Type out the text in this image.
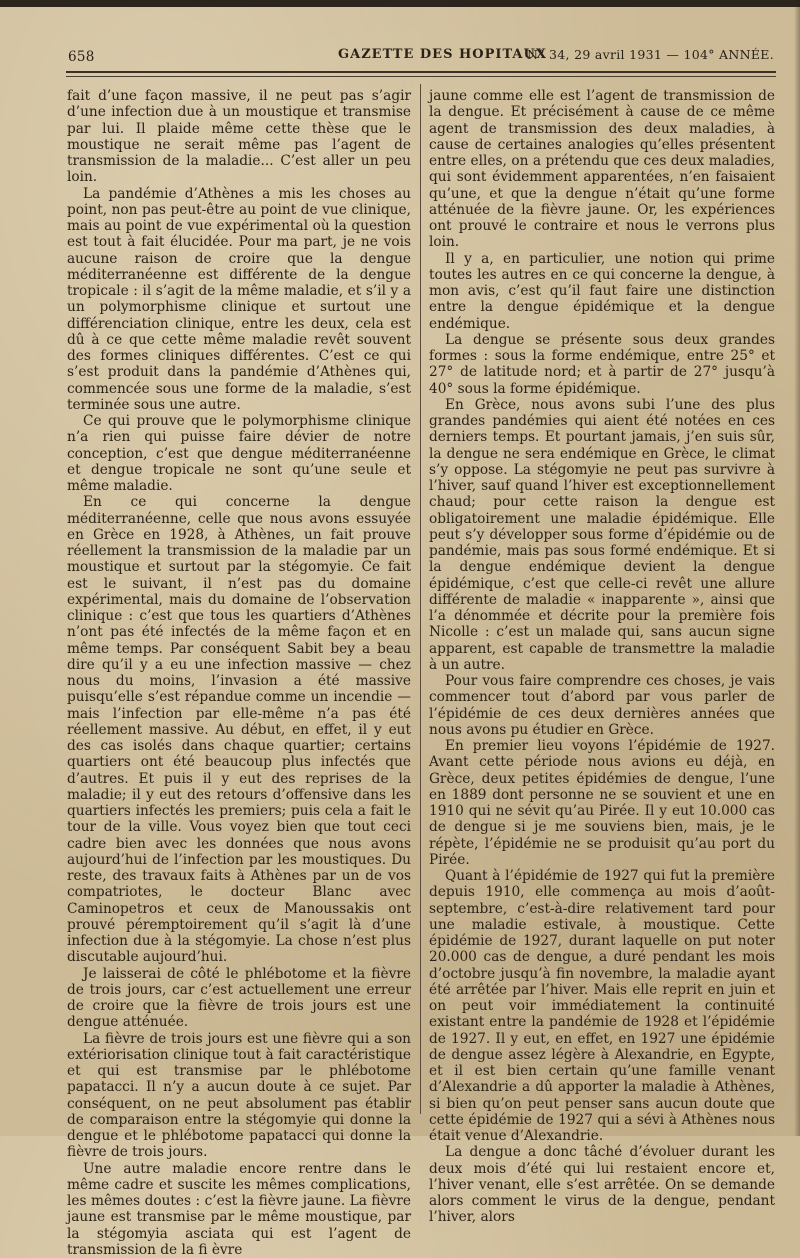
658	GAZETTE DES HOPITAUX
N° 34, 29 avril 1931 — 104° ANNÉE.

fait d’une façon massive, il ne peut pas s’agir d’une infection due à un moustique et transmise par lui. Il plaide même cette thèse que le moustique ne serait même pas l’agent de transmission de la maladie... C’est aller un peu loin.

La pandémie d’Athènes a mis les choses au point, non pas peut-être au point de vue clinique, mais au point de vue expérimental où la question est tout à fait élucidée. Pour ma part, je ne vois aucune raison de croire que la dengue méditerranéenne est différente de la dengue tropicale : il s’agit de la même maladie, et s’il y a un polymorphisme clinique et surtout une différenciation clinique, entre les deux, cela est dû à ce que cette même maladie revêt souvent des formes cliniques différentes. C’est ce qui s’est produit dans la pandémie d’Athènes qui, commencée sous une forme de la maladie, s’est terminée sous une autre.

Ce qui prouve que le polymorphisme clinique n’a rien qui puisse faire dévier de notre conception, c’est que dengue méditerranéenne et dengue tropicale ne sont qu’une seule et même maladie.

En ce qui concerne la dengue méditerranéenne, celle que nous avons essuyée en Grèce en 1928, à Athènes, un fait prouve réellement la transmission de la maladie par un moustique et surtout par la stégomyie. Ce fait est le suivant, il n’est pas du domaine expérimental, mais du domaine de l’observation clinique : c’est que tous les quartiers d’Athènes n’ont pas été infectés de la même façon et en même temps. Par conséquent Sabit bey a beau dire qu’il y a eu une infection massive — chez nous du moins, l’invasion a été massive puisqu’elle s’est répandue comme un incendie — mais l’infection par elle-même n’a pas été réellement massive. Au début, en effet, il y eut des cas isolés dans chaque quartier; certains quartiers ont été beaucoup plus infectés que d’autres. Et puis il y eut des reprises de la maladie; il y eut des retours d’offensive dans les quartiers infectés les premiers; puis cela a fait le tour de la ville. Vous voyez bien que tout ceci cadre bien avec les données que nous avons aujourd’hui de l’infection par les moustiques. Du reste, des travaux faits à Athènes par un de vos compatriotes, le docteur Blanc avec Caminopetros et ceux de Manoussakis ont prouvé péremptoirement qu’il s’agit là d’une infection due à la stégomyie. La chose n’est plus discutable aujourd’hui.

Je laisserai de côté le phlébotome et la fièvre de trois jours, car c’est actuellement une erreur de croire que la fièvre de trois jours est une dengue atténuée.

La fièvre de trois jours est une fièvre qui a son extériorisation clinique tout à fait caractéristique et qui est transmise par le phlébotome papatacci. Il n’y a aucun doute à ce sujet. Par conséquent, on ne peut absolument pas établir de comparaison entre la stégomyie qui donne la dengue et le phlébotome papatacci qui donne la fièvre de trois jours.

Une autre maladie encore rentre dans le même cadre et suscite les mêmes complications, les mêmes doutes : c’est la fièvre jaune. La fièvre jaune est transmise par le même moustique, par la stégomyia asciata qui est l’agent de transmission de la fi èvre

jaune comme elle est l’agent de transmission de la dengue. Et précisément à cause de ce même agent de transmission des deux maladies, à cause de certaines analogies qu’elles présentent entre elles, on a prétendu que ces deux maladies, qui sont évidemment apparentées, n’en faisaient qu’une, et que la dengue n’était qu’une forme atténuée de la fièvre jaune. Or, les expériences ont prouvé le contraire et nous le verrons plus loin.

Il y a, en particulier, une notion qui prime toutes les autres en ce qui concerne la dengue, à mon avis, c’est qu’il faut faire une distinction entre la dengue épidémique et la dengue endémique.

La dengue se présente sous deux grandes formes : sous la forme endémique, entre 25° et 27° de latitude nord; et à partir de 27° jusqu’à 40° sous la forme épidémique.

En Grèce, nous avons subi l’une des plus grandes pandémies qui aient été notées en ces derniers temps. Et pourtant jamais, j’en suis sûr, la dengue ne sera endémique en Grèce, le climat s’y oppose. La stégomyie ne peut pas survivre à l’hiver, sauf quand l’hiver est exceptionnellement chaud; pour cette raison la dengue est obligatoirement une maladie épidémique. Elle peut s’y développer sous forme d’épidémie ou de pandémie, mais pas sous formé endémique. Et si la dengue endémique devient la dengue épidémique, c’est que celle-ci revêt une allure différente de maladie « inapparente », ainsi que l’a dénommée et décrite pour la première fois Nicolle : c’est un malade qui, sans aucun signe apparent, est capable de transmettre la maladie à un autre.

Pour vous faire comprendre ces choses, je vais commencer tout d’abord par vous parler de l’épidémie de ces deux dernières années que nous avons pu étudier en Grèce.

En premier lieu voyons l’épidémie de 1927. Avant cette période nous avions eu déjà, en Grèce, deux petites épidémies de dengue, l’une en 1889 dont personne ne se souvient et une en 1910 qui ne sévit qu’au Pirée. Il y eut 10.000 cas de dengue si je me souviens bien, mais, je le répète, l’épidémie ne se produisit qu’au port du Pirée.

Quant à l’épidémie de 1927 qui fut la première depuis 1910, elle commença au mois d’août-septembre, c’est-à-dire relativement tard pour une maladie estivale, à moustique. Cette épidémie de 1927, durant laquelle on put noter 20.000 cas de dengue, a duré pendant les mois d’octobre jusqu’à fin novembre, la maladie ayant été arrêtée par l’hiver. Mais elle reprit en juin et on peut voir immédiatement la continuité existant entre la pandémie de 1928 et l’épidémie de 1927. Il y eut, en effet, en 1927 une épidémie de dengue assez légère à Alexandrie, en Egypte, et il est bien certain qu’une famille venant d’Alexandrie a dû apporter la maladie à Athènes, si bien qu’on peut penser sans aucun doute que cette épidémie de 1927 qui a sévi à Athènes nous était venue d’Alexandrie.

La dengue a donc tâché d’évoluer durant les deux mois d’été qui lui restaient encore et, l’hiver venant, elle s’est arrêtée. On se demande alors comment le virus de la dengue, pendant l’hiver, alors
